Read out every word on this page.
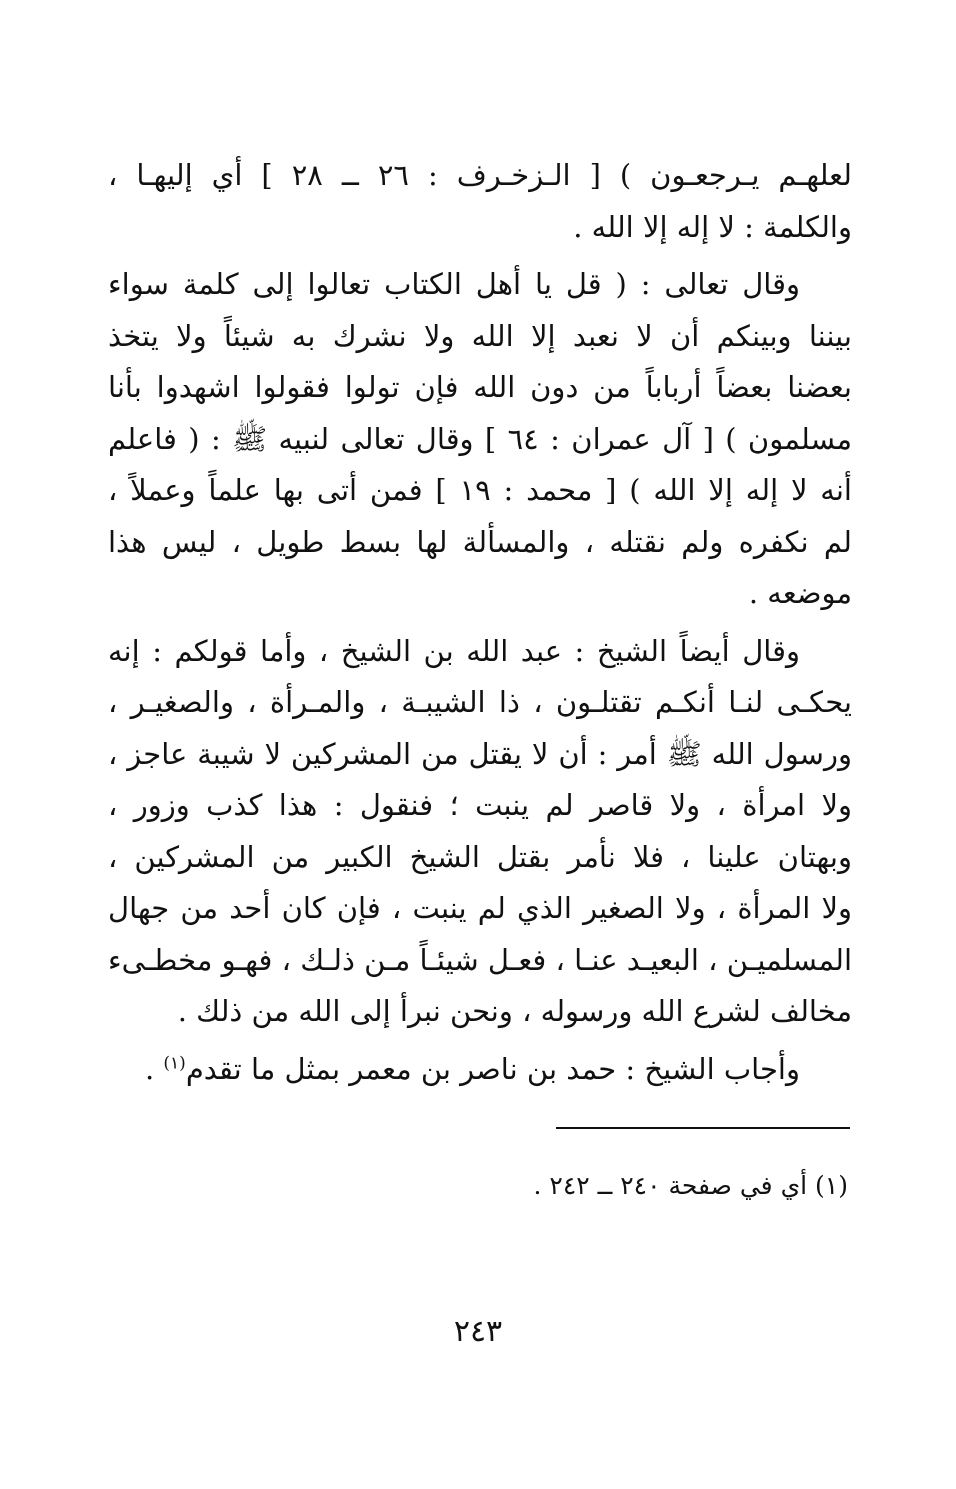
لعلهـم يـرجعـون ) [ الـزخـرف : ٢٦ ــ ٢٨ ] أي إليهـا ،
والكلمة : لا إله إلا الله .
وقال تعالى : ( قل يا أهل الكتاب تعالوا إلى كلمة سواء
بيننا وبينكم أن لا نعبد إلا الله ولا نشرك به شيئاً ولا يتخذ
بعضنا بعضاً أرباباً من دون الله فإن تولوا فقولوا اشهدوا بأنا
مسلمون ) [ آل عمران : ٦٤ ] وقال تعالى لنبيه ﷺ : ( فاعلم
أنه لا إله إلا الله ) [ محمد : ١٩ ] فمن أتى بها علماً وعملاً ،
لم نكفره ولم نقتله ، والمسألة لها بسط طويل ، ليس هذا
موضعه .
وقال أيضاً الشيخ : عبد الله بن الشيخ ، وأما قولكم : إنه
يحكـى لنـا أنكـم تقتلـون ، ذا الشيبـة ، والمـرأة ، والصغيـر ،
ورسول الله ﷺ أمر : أن لا يقتل من المشركين لا شيبة عاجز ،
ولا امرأة ، ولا قاصر لم ينبت ؛ فنقول : هذا كذب وزور ،
وبهتان علينا ، فلا نأمر بقتل الشيخ الكبير من المشركين ،
ولا المرأة ، ولا الصغير الذي لم ينبت ، فإن كان أحد من جهال
المسلميـن ، البعيـد عنـا ، فعـل شيئـاً مـن ذلـك ، فهـو مخطـىء
مخالف لشرع الله ورسوله ، ونحن نبرأ إلى الله من ذلك .
وأجاب الشيخ : حمد بن ناصر بن معمر بمثل ما تقدم$^{(١)}$ .
(١) أي في صفحة ٢٤٠ ــ ٢٤٢ .
٢٤٣
